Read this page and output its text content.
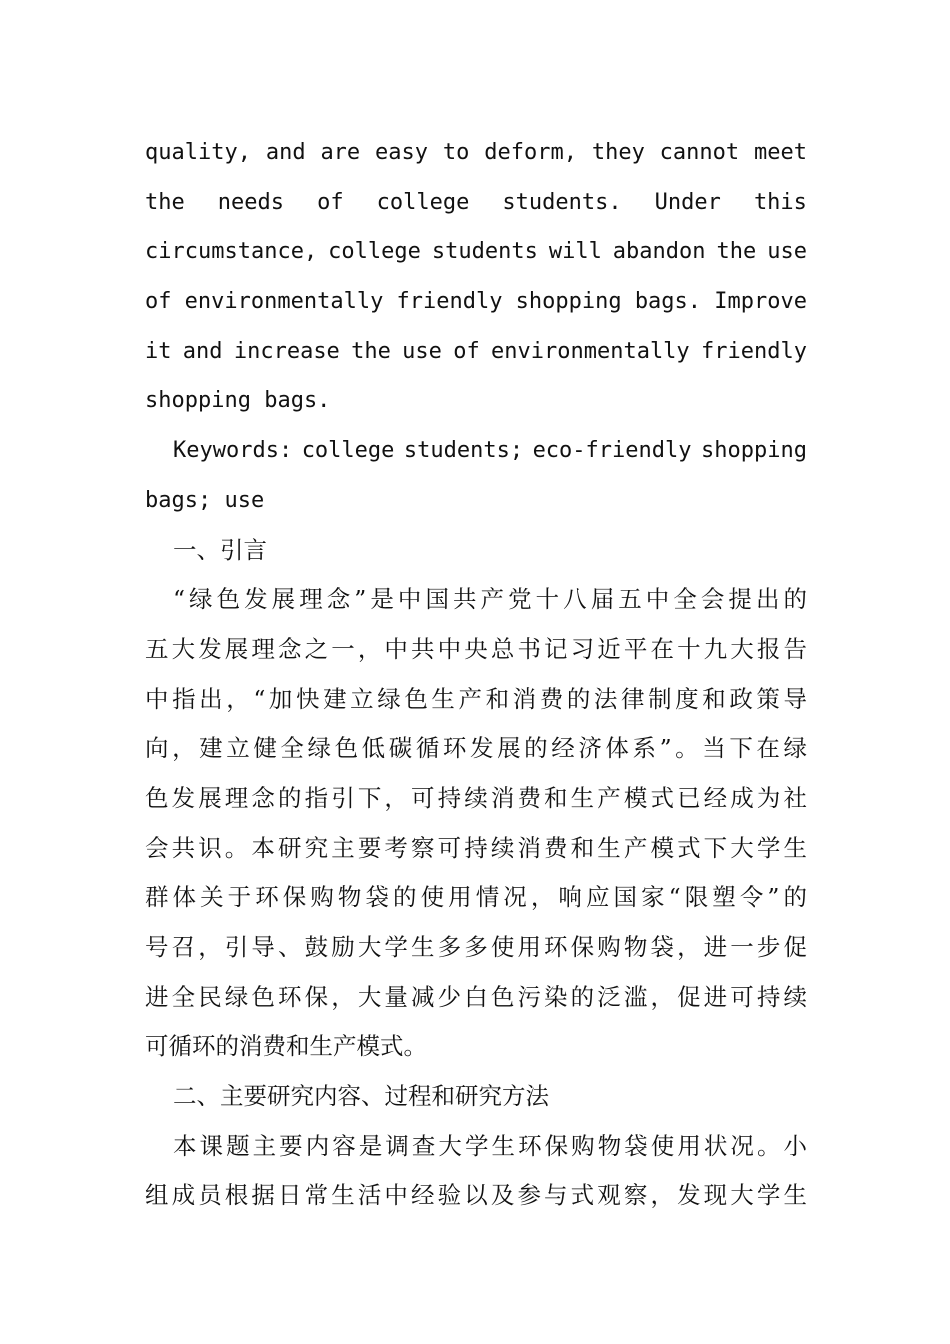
quality, and are easy to deform, they cannot meet
the needs of college students. Under this
circumstance, college students will abandon the use
of environmentally friendly shopping bags. Improve
it and increase the use of environmentally friendly
shopping bags.
Keywords: college students; eco-friendly shopping
bags; use
一、引言
“绿色发展理念”是中国共产党十八届五中全会提出的
五大发展理念之一，中共中央总书记习近平在十九大报告
中指出，“加快建立绿色生产和消费的法律制度和政策导
向，建立健全绿色低碳循环发展的经济体系”。当下在绿
色发展理念的指引下，可持续消费和生产模式已经成为社
会共识。本研究主要考察可持续消费和生产模式下大学生
群体关于环保购物袋的使用情况，响应国家“限塑令”的
号召，引导、鼓励大学生多多使用环保购物袋，进一步促
进全民绿色环保，大量减少白色污染的泛滥，促进可持续
可循环的消费和生产模式。
二、主要研究内容、过程和研究方法
本课题主要内容是调查大学生环保购物袋使用状况。小
组成员根据日常生活中经验以及参与式观察，发现大学生
